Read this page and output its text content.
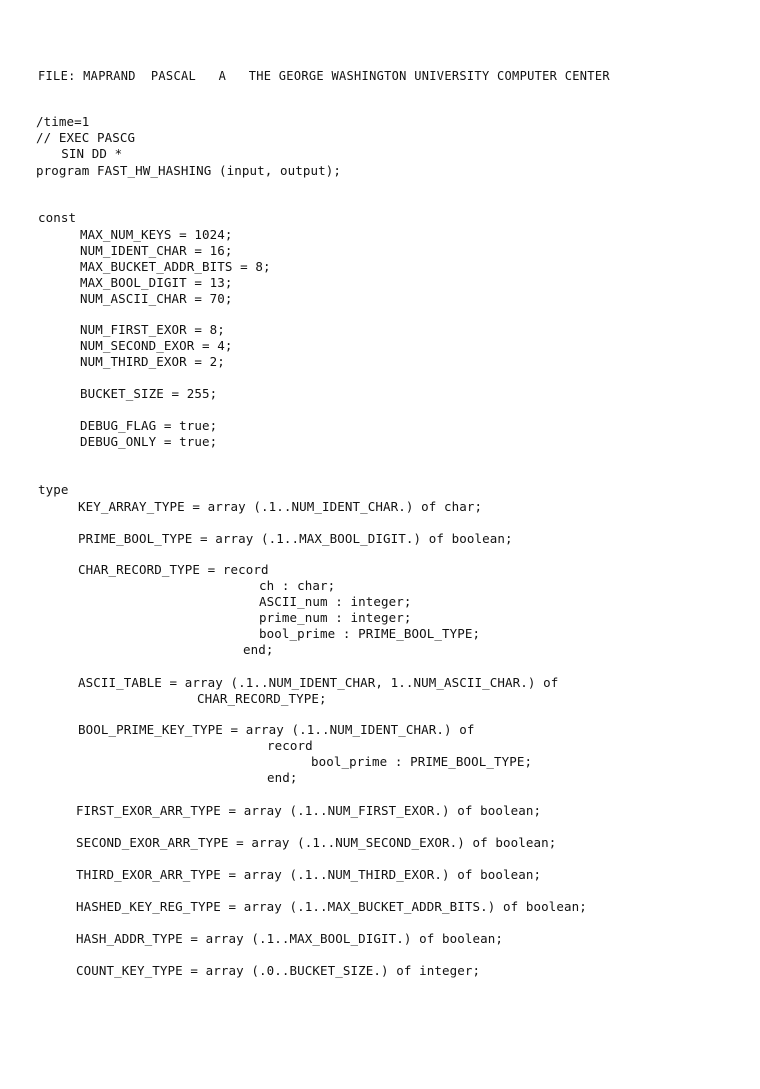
FILE: MAPRAND  PASCAL   A   THE GEORGE WASHINGTON UNIVERSITY COMPUTER CENTER
/time=1
// EXEC PASCG
SIN DD *
program FAST_HW_HASHING (input, output);
const
MAX_NUM_KEYS = 1024;
NUM_IDENT_CHAR = 16;
MAX_BUCKET_ADDR_BITS = 8;
MAX_BOOL_DIGIT = 13;
NUM_ASCII_CHAR = 70;
NUM_FIRST_EXOR = 8;
NUM_SECOND_EXOR = 4;
NUM_THIRD_EXOR = 2;
BUCKET_SIZE = 255;
DEBUG_FLAG = true;
DEBUG_ONLY = true;
type
KEY_ARRAY_TYPE = array (.1..NUM_IDENT_CHAR.) of char;
PRIME_BOOL_TYPE = array (.1..MAX_BOOL_DIGIT.) of boolean;
CHAR_RECORD_TYPE = record
ch : char;
ASCII_num : integer;
prime_num : integer;
bool_prime : PRIME_BOOL_TYPE;
end;
ASCII_TABLE = array (.1..NUM_IDENT_CHAR, 1..NUM_ASCII_CHAR.) of
CHAR_RECORD_TYPE;
BOOL_PRIME_KEY_TYPE = array (.1..NUM_IDENT_CHAR.) of
record
bool_prime : PRIME_BOOL_TYPE;
end;
FIRST_EXOR_ARR_TYPE = array (.1..NUM_FIRST_EXOR.) of boolean;
SECOND_EXOR_ARR_TYPE = array (.1..NUM_SECOND_EXOR.) of boolean;
THIRD_EXOR_ARR_TYPE = array (.1..NUM_THIRD_EXOR.) of boolean;
HASHED_KEY_REG_TYPE = array (.1..MAX_BUCKET_ADDR_BITS.) of boolean;
HASH_ADDR_TYPE = array (.1..MAX_BOOL_DIGIT.) of boolean;
COUNT_KEY_TYPE = array (.0..BUCKET_SIZE.) of integer;
